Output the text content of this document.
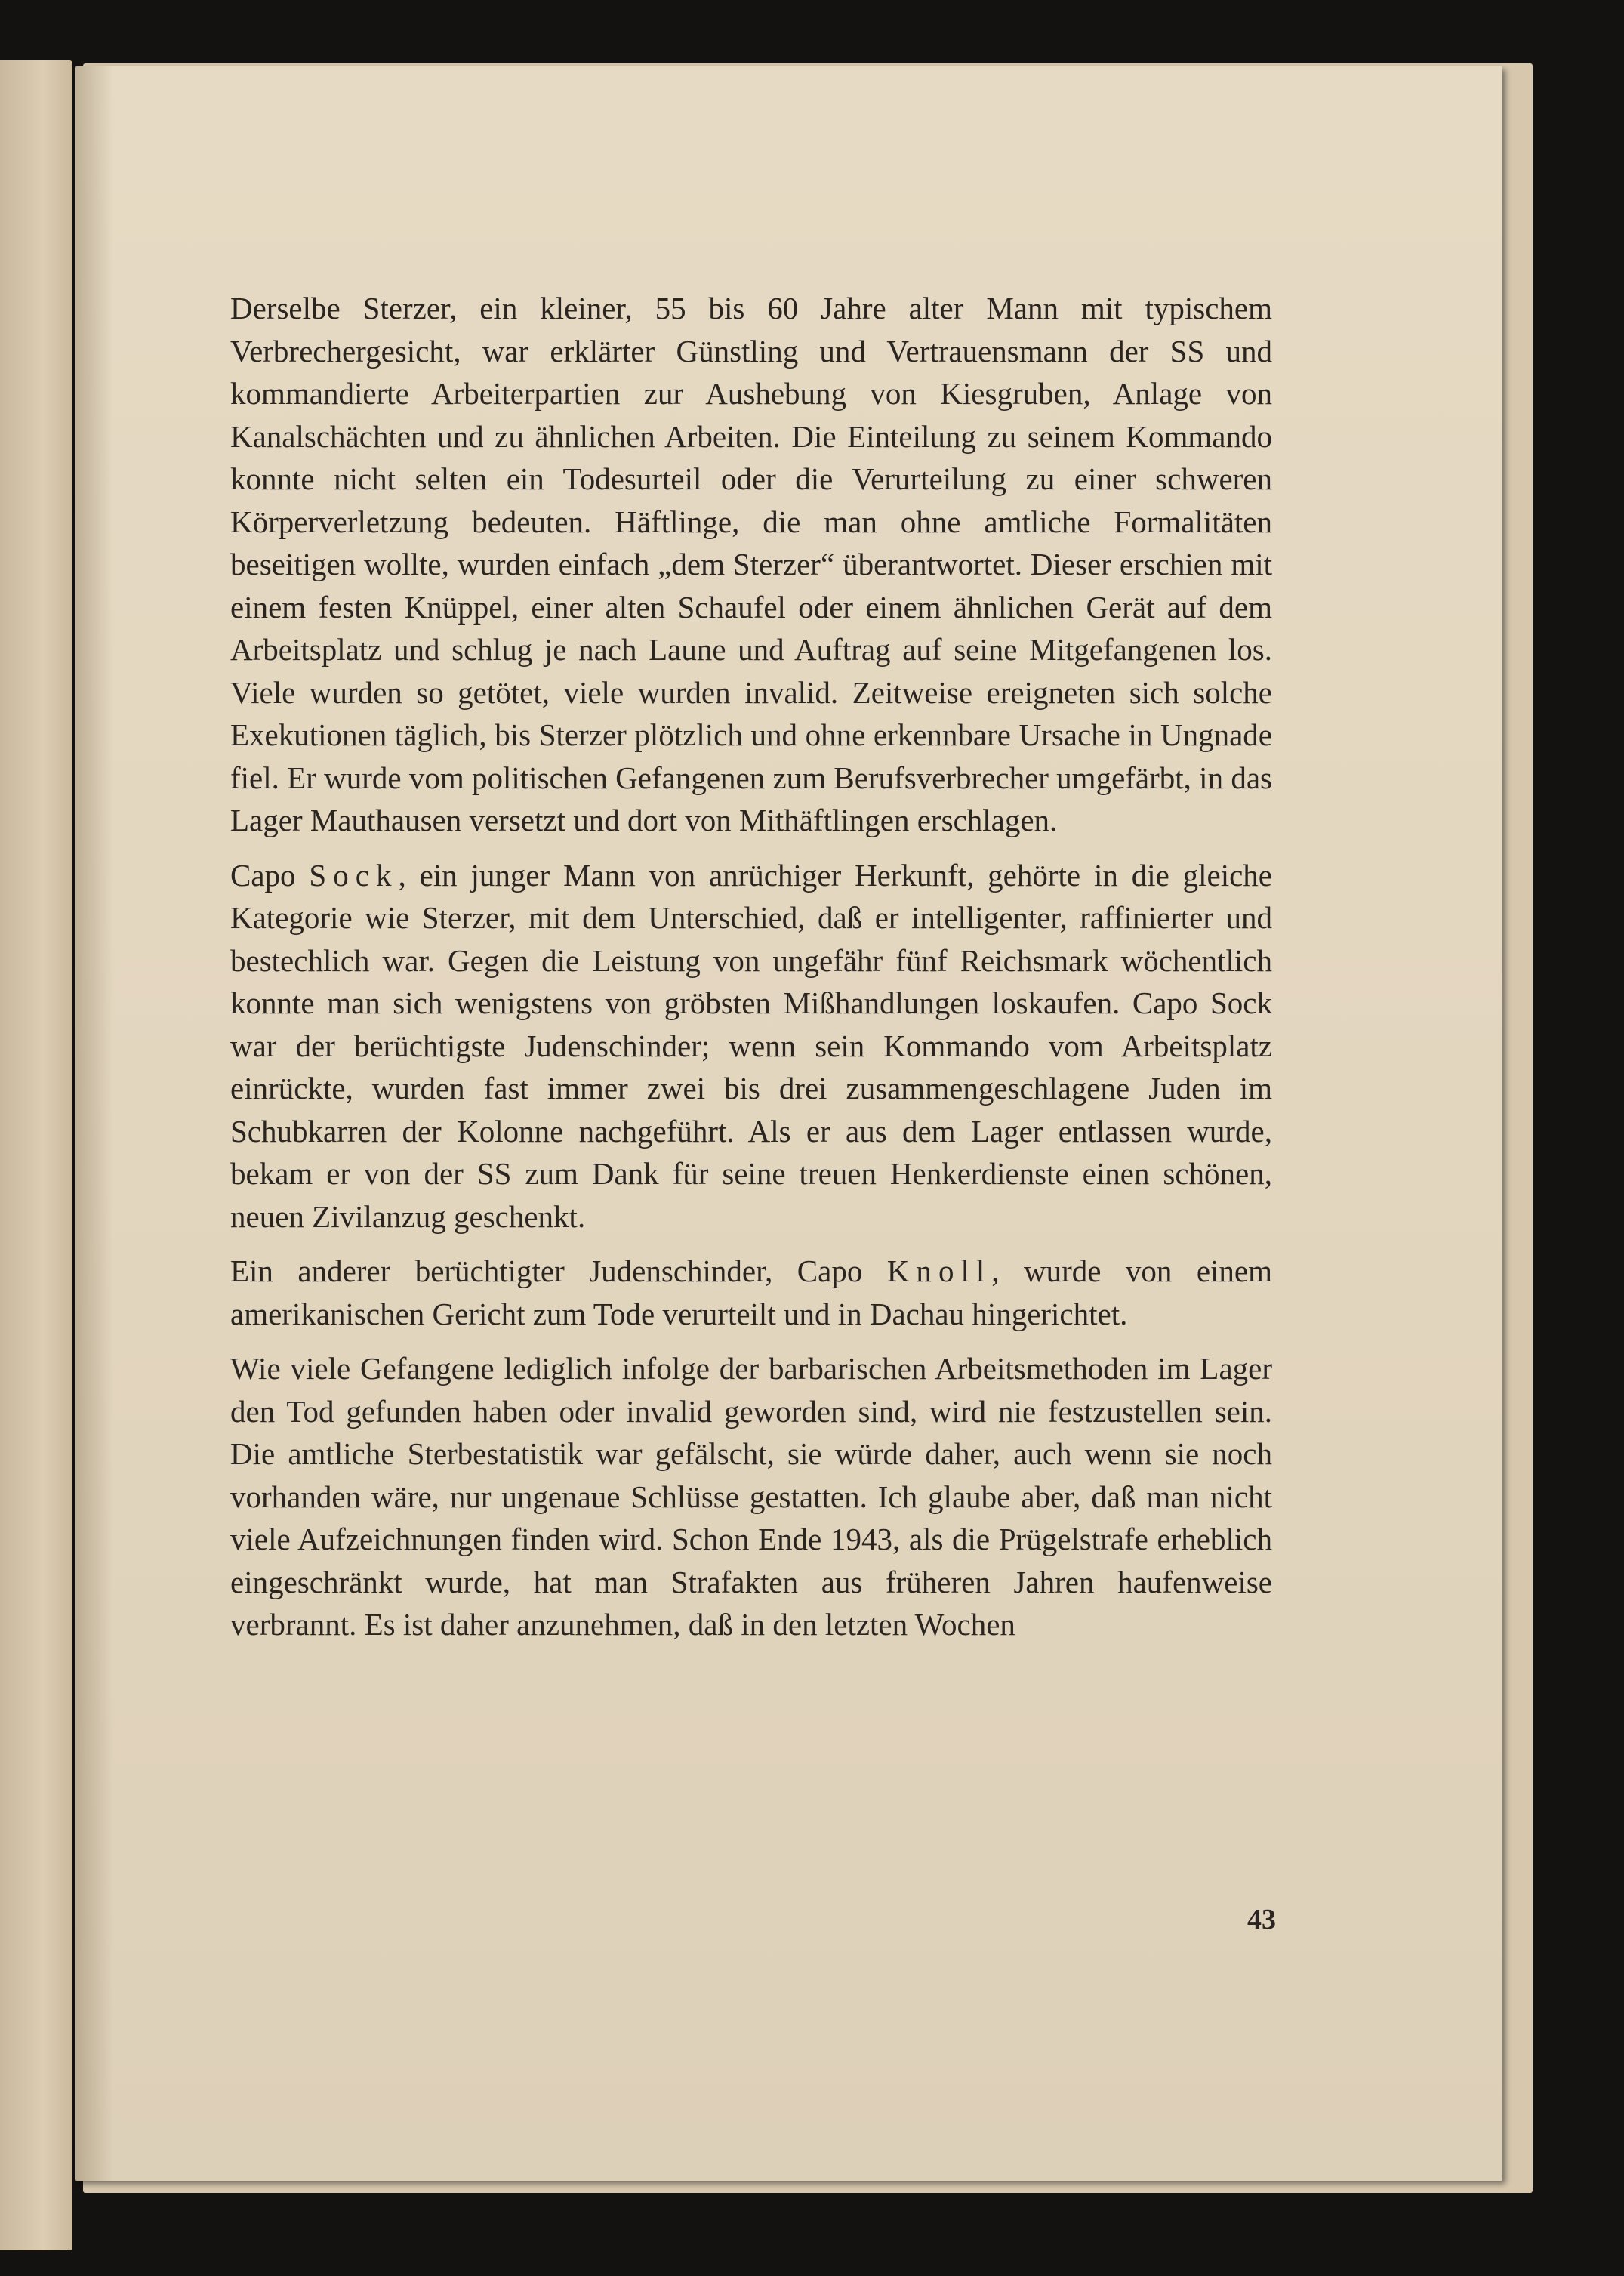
Derselbe Sterzer, ein kleiner, 55 bis 60 Jahre alter Mann mit typischem Verbrechergesicht, war erklärter Günstling und Vertrauensmann der SS und kommandierte Arbeiterpartien zur Aushebung von Kiesgruben, Anlage von Kanalschächten und zu ähnlichen Arbeiten. Die Einteilung zu seinem Kommando konnte nicht selten ein Todesurteil oder die Verurteilung zu einer schweren Körperverletzung bedeuten. Häftlinge, die man ohne amtliche Formalitäten beseitigen wollte, wurden einfach „dem Sterzer“ überantwortet. Dieser erschien mit einem festen Knüppel, einer alten Schaufel oder einem ähnlichen Gerät auf dem Arbeitsplatz und schlug je nach Laune und Auftrag auf seine Mitgefangenen los. Viele wurden so getötet, viele wurden invalid. Zeitweise ereigneten sich solche Exekutionen täglich, bis Sterzer plötzlich und ohne erkennbare Ursache in Ungnade fiel. Er wurde vom politischen Gefangenen zum Berufsverbrecher umgefärbt, in das Lager Mauthausen versetzt und dort von Mithäftlingen erschlagen.

Capo Sock, ein junger Mann von anrüchiger Herkunft, gehörte in die gleiche Kategorie wie Sterzer, mit dem Unterschied, daß er intelligenter, raffinierter und bestechlich war. Gegen die Leistung von ungefähr fünf Reichsmark wöchentlich konnte man sich wenigstens von gröbsten Mißhandlungen loskaufen. Capo Sock war der berüchtigste Judenschinder; wenn sein Kommando vom Arbeitsplatz einrückte, wurden fast immer zwei bis drei zusammengeschlagene Juden im Schubkarren der Kolonne nachgeführt. Als er aus dem Lager entlassen wurde, bekam er von der SS zum Dank für seine treuen Henkerdienste einen schönen, neuen Zivilanzug geschenkt.

Ein anderer berüchtigter Judenschinder, Capo Knoll, wurde von einem amerikanischen Gericht zum Tode verurteilt und in Dachau hingerichtet.

Wie viele Gefangene lediglich infolge der barbarischen Arbeitsmethoden im Lager den Tod gefunden haben oder invalid geworden sind, wird nie festzustellen sein. Die amtliche Sterbestatistik war gefälscht, sie würde daher, auch wenn sie noch vorhanden wäre, nur ungenaue Schlüsse gestatten. Ich glaube aber, daß man nicht viele Aufzeichnungen finden wird. Schon Ende 1943, als die Prügelstrafe erheblich eingeschränkt wurde, hat man Strafakten aus früheren Jahren haufenweise verbrannt. Es ist daher anzunehmen, daß in den letzten Wochen

43
